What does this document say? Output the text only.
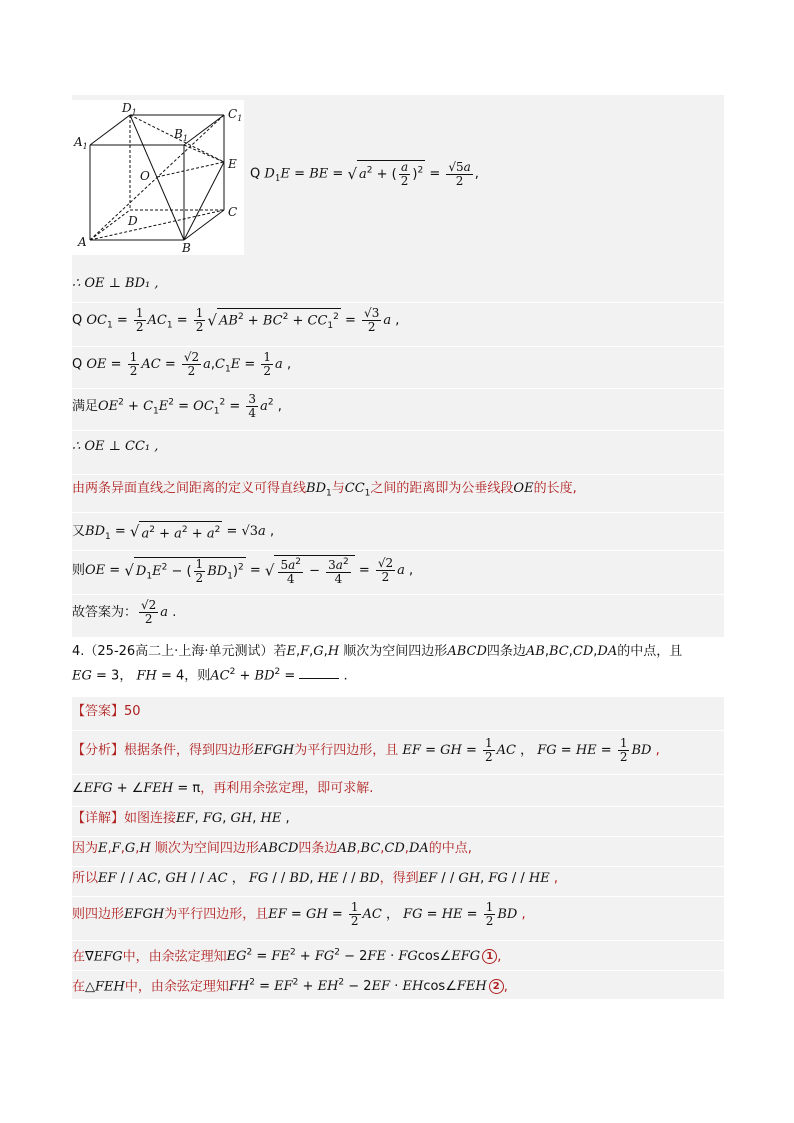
$D_1$	$C_1$
$A_1$
$B_1$
E
O
D
C
A	B
Q $D_1E$ = BE = √ $a^2$ + ( $\frac{a}{2} )^2 = \frac{√5a}{2}$ ,
∴ OE ⊥ BD₁ ,
Q $OC_1 = \frac{1}{2} AC_1 = \frac{1}{2}$ √ $AB^2 + BC^2 + CC_1^2 = \frac{√3}{2}$ a ,
Q OE = $\frac{1}{2}$ AC = $\frac{√2}{2} a,C_1E = \frac{1}{2}$ a ,
满足$OE^2 + C_1E^2 = OC_1^2 = \frac{3}{4} a^2$ ,
∴ OE ⊥ CC₁ ,
由两条异面直线之间距离的定义可得直线$BD_1$与$CC_1$之间的距离即为公垂线段OE的长度,
又$BD_1$ = √ $a^2 + a^2 + a^2 = √3a$ ,
则OE = √ $D_1E^2$ − ( $\frac{1}{2} BD_1)^2$ = √ $\frac{5a^2}{4} - \frac{3a^2}{4} = \frac{√2}{2}$ a ,
故答案为： $\frac{√2}{2}$ a .
4.（25-26高二上·上海·单元测试）若E,F,G,H 顺次为空间四边形ABCD四条边AB,BC,CD,DA的中点，且
EG = 3， FH = 4，则$AC^2 + BD^2$ =	.
【答案】50
【分析】根据条件，得到四边形EFGH为平行四边形，且 EF = GH = $\frac{1}{2}$ AC ， FG = HE = $\frac{1}{2}$ BD ,
∠EFG + ∠FEH = π，再利用余弦定理，即可求解.
【详解】如图连接EF, FG, GH, HE ,
因为E,F,G,H 顺次为空间四边形ABCD四条边AB,BC,CD,DA的中点,
所以EF / / AC, GH / / AC ， FG / / BD, HE / / BD，得到EF / / GH, FG / / HE ,
则四边形EFGH为平行四边形，且EF = GH = $\frac{1}{2}$ AC ， FG = HE = $\frac{1}{2}$ BD ,
在∇EFG中，由余弦定理知$EG^2 = FE^2 + FG^2 - 2FE$ · FGcos∠EFG 1 ,
在△FEH中，由余弦定理知$FH^2 = EF^2 + EH^2 - 2EF$ · EHcos∠FEH 2 ,
